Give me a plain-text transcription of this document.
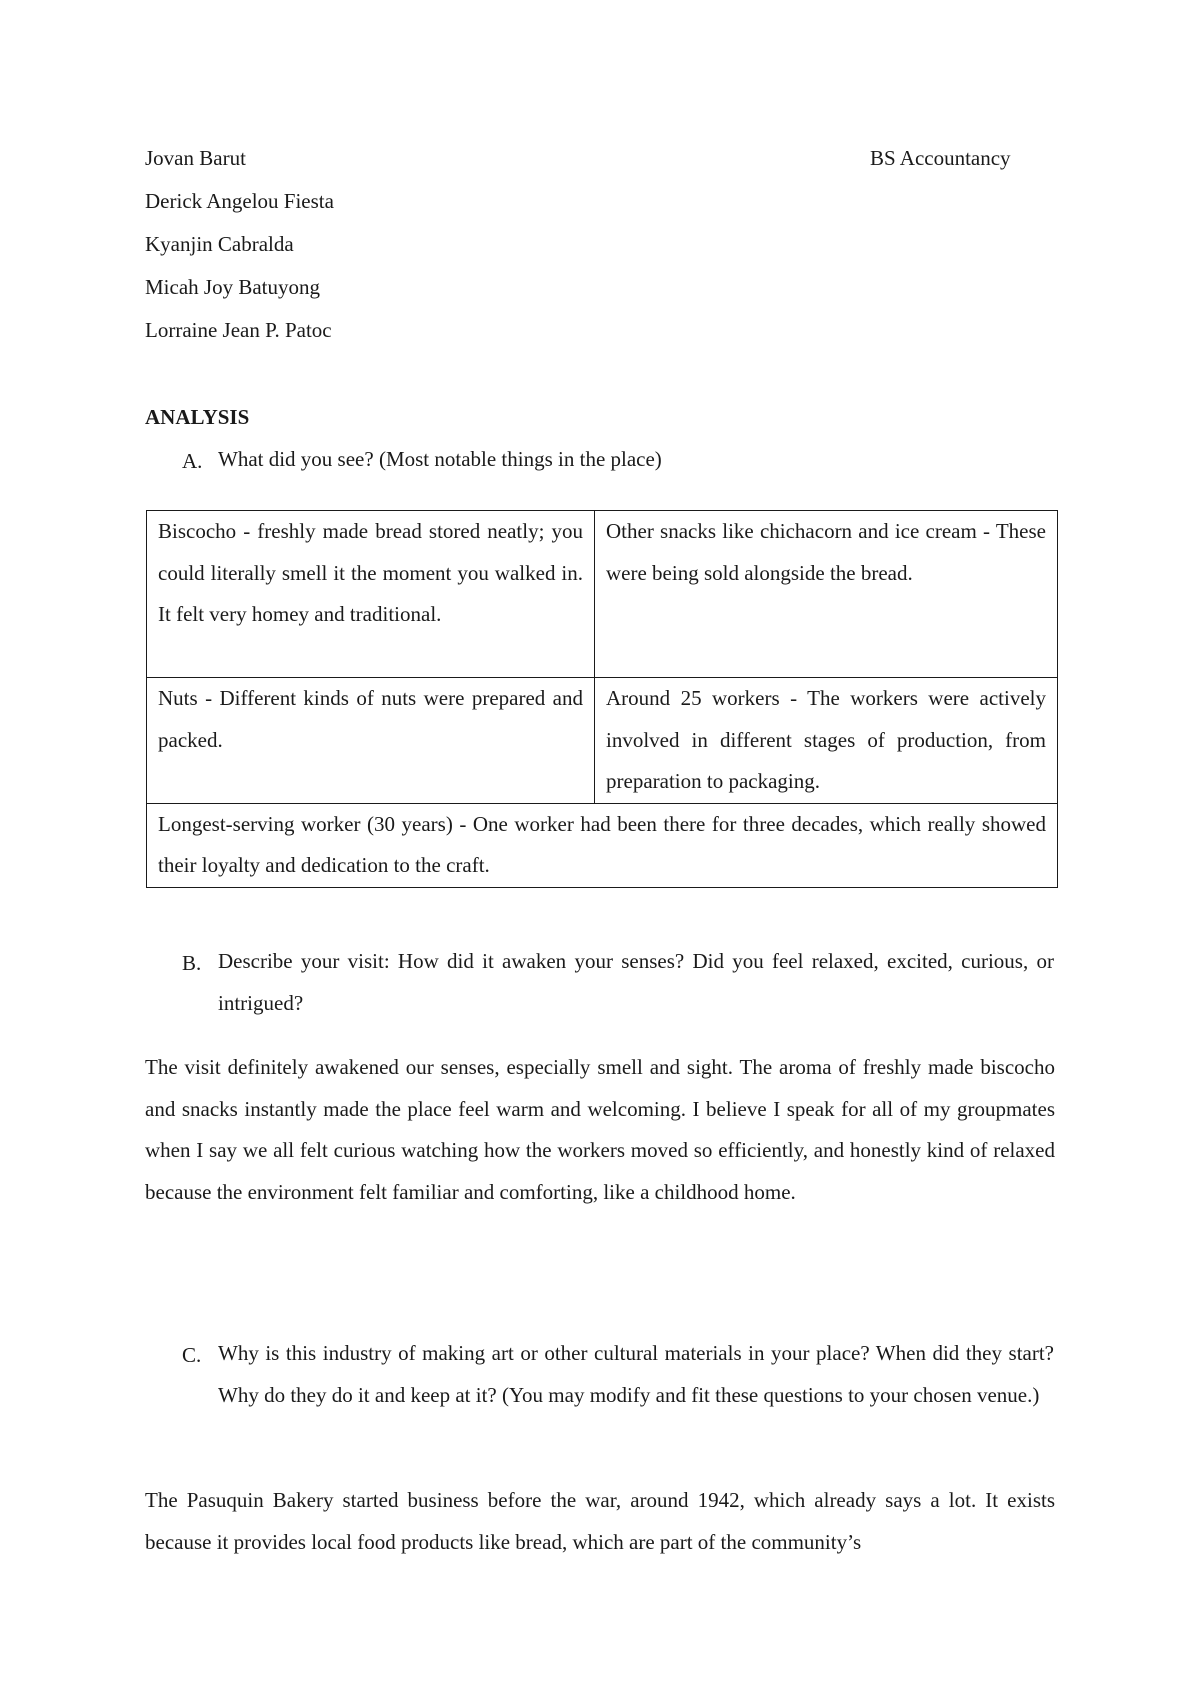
Jovan Barut	BS Accountancy
Derick Angelou Fiesta
Kyanjin Cabralda
Micah Joy Batuyong
Lorraine Jean P. Patoc
ANALYSIS
A. What did you see? (Most notable things in the place)
Biscocho - freshly made bread stored neatly; you could literally smell it the moment you walked in. It felt very homey and traditional.	Other snacks like chichacorn and ice cream - These were being sold alongside the bread.

Nuts - Different kinds of nuts were prepared and packed.	Around 25 workers - The workers were actively involved in different stages of production, from preparation to packaging.

Longest-serving worker (30 years) - One worker had been there for three decades, which really showed their loyalty and dedication to the craft.	
B. Describe your visit: How did it awaken your senses? Did you feel relaxed, excited, curious, or intrigued?
The visit definitely awakened our senses, especially smell and sight. The aroma of freshly made biscocho and snacks instantly made the place feel warm and welcoming. I believe I speak for all of my groupmates when I say we all felt curious watching how the workers moved so efficiently, and honestly kind of relaxed because the environment felt familiar and comforting, like a childhood home.
C. Why is this industry of making art or other cultural materials in your place? When did they start? Why do they do it and keep at it? (You may modify and fit these questions to your chosen venue.)
The Pasuquin Bakery started business before the war, around 1942, which already says a lot. It exists because it provides local food products like bread, which are part of the community’s
